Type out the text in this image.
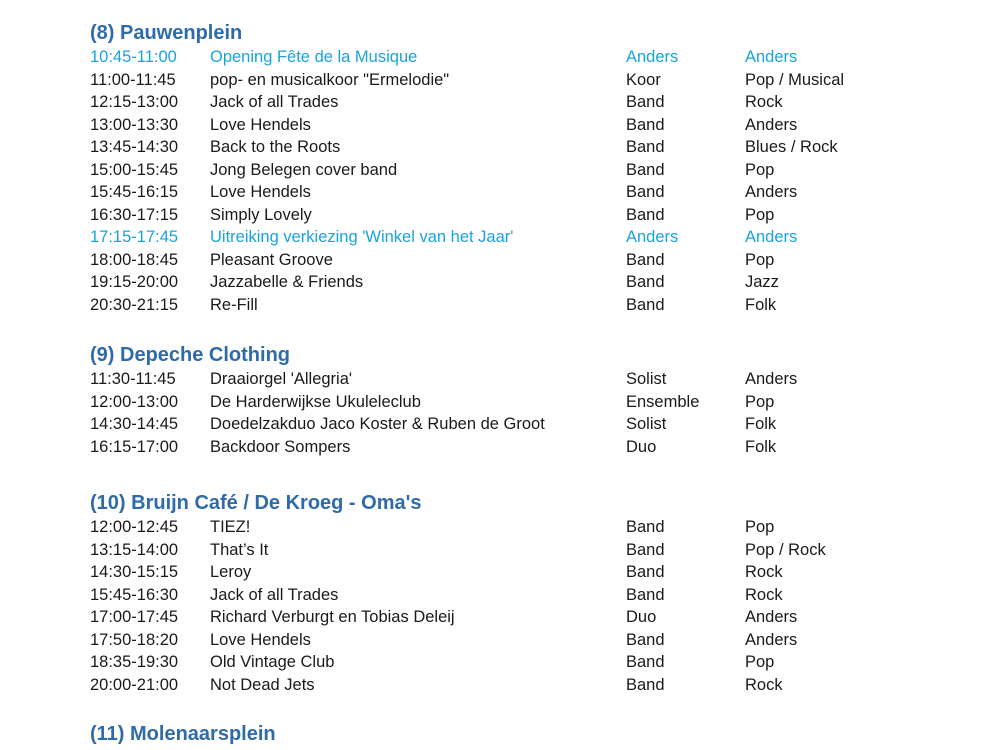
(8) Pauwenplein
10:45-11:00 Opening Fête de la Musique	Anders	Anders
11:00-11:45 pop- en musicalkoor "Ermelodie"	Koor	Pop / Musical
12:15-13:00 Jack of all Trades	Band	Rock
13:00-13:30 Love Hendels	Band	Anders
13:45-14:30 Back to the Roots	Band	Blues / Rock
15:00-15:45 Jong Belegen cover band	Band	Pop
15:45-16:15 Love Hendels	Band	Anders
16:30-17:15 Simply Lovely	Band	Pop
17:15-17:45 Uitreiking verkiezing 'Winkel van het Jaar'	Anders	Anders
18:00-18:45 Pleasant Groove	Band	Pop
19:15-20:00 Jazzabelle & Friends	Band	Jazz
20:30-21:15 Re-Fill	Band	Folk
(9) Depeche Clothing
11:30-11:45 Draaiorgel 'Allegria'	Solist	Anders
12:00-13:00 De Harderwijkse Ukuleleclub	Ensemble	Pop
14:30-14:45 Doedelzakduo Jaco Koster & Ruben de Groot	Solist	Folk
16:15-17:00 Backdoor Sompers	Duo	Folk
(10) Bruijn Café / De Kroeg - Oma's
12:00-12:45 TIEZ!	Band	Pop
13:15-14:00 That’s It	Band	Pop / Rock
14:30-15:15 Leroy	Band	Rock
15:45-16:30 Jack of all Trades	Band	Rock
17:00-17:45 Richard Verburgt en Tobias Deleij	Duo	Anders
17:50-18:20 Love Hendels	Band	Anders
18:35-19:30 Old Vintage Club	Band	Pop
20:00-21:00 Not Dead Jets	Band	Rock
(11) Molenaarsplein
